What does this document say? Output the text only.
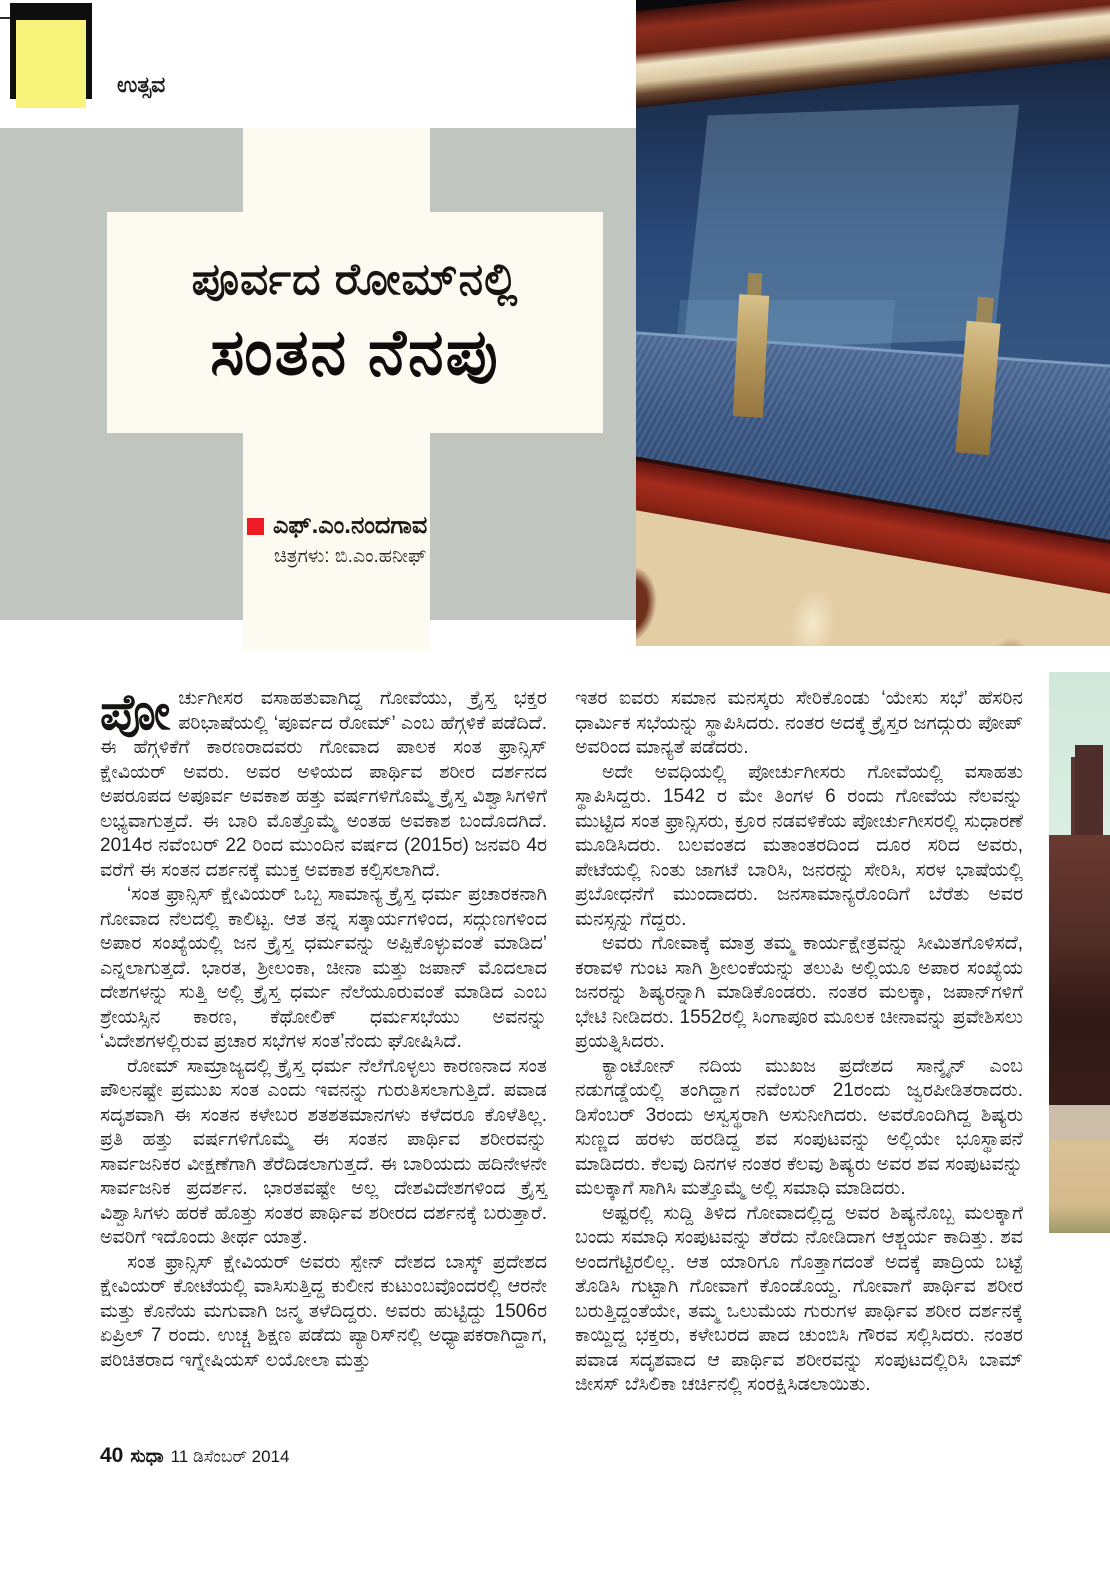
ಉತ್ಸವ
ಪೂರ್ವದ ರೋಮ್‌ನಲ್ಲಿ
ಸಂತನ ನೆನಪು
ಎಫ್.ಎಂ.ನಂದಗಾವ
ಚಿತ್ರಗಳು: ಬಿ.ಎಂ.ಹನೀಫ್

ಪೋರ್ಚುಗೀಸರ ವಸಾಹತುವಾಗಿದ್ದ ಗೋವೆಯು, ಕ್ರೈಸ್ತ ಭಕ್ತರ ಪರಿಭಾಷೆಯಲ್ಲಿ ‘ಪೂರ್ವದ ರೋಮ್’ ಎಂಬ ಹೆಗ್ಗಳಿಕೆ ಪಡೆದಿದೆ. ಈ ಹೆಗ್ಗಳಿಕೆಗೆ ಕಾರಣರಾದವರು ಗೋವಾದ ಪಾಲಕ ಸಂತ ಫ್ರಾನ್ಸಿಸ್ ಕ್ಷೇವಿಯರ್ ಅವರು. ಅವರ ಅಳಿಯದ ಪಾರ್ಥಿವ ಶರೀರ ದರ್ಶನದ ಅಪರೂಪದ ಅಪೂರ್ವ ಅವಕಾಶ ಹತ್ತು ವರ್ಷಗಳಿಗೊಮ್ಮೆ ಕ್ರೈಸ್ತ ವಿಶ್ವಾಸಿಗಳಿಗೆ ಲಭ್ಯವಾಗುತ್ತದೆ. ಈ ಬಾರಿ ಮೊತ್ತೊಮ್ಮೆ ಅಂತಹ ಅವಕಾಶ ಬಂದೊದಗಿದೆ. 2014ರ ನವೆಂಬರ್ 22 ರಿಂದ ಮುಂದಿನ ವರ್ಷದ (2015ರ) ಜನವರಿ 4ರ ವರೆಗೆ ಈ ಸಂತನ ದರ್ಶನಕ್ಕೆ ಮುಕ್ತ ಅವಕಾಶ ಕಲ್ಪಿಸಲಾಗಿದೆ.

‘ಸಂತ ಫ್ರಾನ್ಸಿಸ್ ಕ್ಷೇವಿಯರ್ ಒಬ್ಬ ಸಾಮಾನ್ಯ ಕ್ರೈಸ್ತ ಧರ್ಮ ಪ್ರಚಾರಕನಾಗಿ ಗೋವಾದ ನೆಲದಲ್ಲಿ ಕಾಲಿಟ್ಟ. ಆತ ತನ್ನ ಸತ್ಕಾರ್ಯಗಳಿಂದ, ಸದ್ಗುಣಗಳಿಂದ ಅಪಾರ ಸಂಖ್ಯೆಯಲ್ಲಿ ಜನ ಕ್ರೈಸ್ತ ಧರ್ಮವನ್ನು ಅಪ್ಪಿಕೊಳ್ಳುವಂತೆ ಮಾಡಿದ’ ಎನ್ನಲಾಗುತ್ತದೆ. ಭಾರತ, ಶ್ರೀಲಂಕಾ, ಚೀನಾ ಮತ್ತು ಜಪಾನ್ ಮೊದಲಾದ ದೇಶಗಳನ್ನು ಸುತ್ತಿ ಅಲ್ಲಿ ಕ್ರೈಸ್ತ ಧರ್ಮ ನೆಲೆಯೂರುವಂತೆ ಮಾಡಿದ ಎಂಬ ಶ್ರೇಯಸ್ಸಿನ ಕಾರಣ, ಕೆಥೋಲಿಕ್ ಧರ್ಮಸಭೆಯು ಅವನನ್ನು ‘ವಿದೇಶಗಳಲ್ಲಿರುವ ಪ್ರಚಾರ ಸಭೆಗಳ ಸಂತ’ನೆಂದು ಘೋಷಿಸಿದೆ.

ರೋಮ್ ಸಾಮ್ರಾಜ್ಯದಲ್ಲಿ ಕ್ರೈಸ್ತ ಧರ್ಮ ನೆಲೆಗೊಳ್ಳಲು ಕಾರಣನಾದ ಸಂತ ಪೌಲನಷ್ಟೇ ಪ್ರಮುಖ ಸಂತ ಎಂದು ಇವನನ್ನು ಗುರುತಿಸಲಾಗುತ್ತಿದೆ. ಪವಾಡ ಸದೃಶವಾಗಿ ಈ ಸಂತನ ಕಳೇಬರ ಶತಶತಮಾನಗಳು ಕಳೆದರೂ ಕೊಳೆತಿಲ್ಲ. ಪ್ರತಿ ಹತ್ತು ವರ್ಷಗಳಿಗೊಮ್ಮೆ ಈ ಸಂತನ ಪಾರ್ಥಿವ ಶರೀರವನ್ನು ಸಾರ್ವಜನಿಕರ ವೀಕ್ಷಣೆಗಾಗಿ ತೆರೆದಿಡಲಾಗುತ್ತದೆ. ಈ ಬಾರಿಯದು ಹದಿನೇಳನೇ ಸಾರ್ವಜನಿಕ ಪ್ರದರ್ಶನ. ಭಾರತವಷ್ಟೇ ಅಲ್ಲ ದೇಶವಿದೇಶಗಳಿಂದ ಕ್ರೈಸ್ತ ವಿಶ್ವಾಸಿಗಳು ಹರಕೆ ಹೊತ್ತು ಸಂತರ ಪಾರ್ಥಿವ ಶರೀರದ ದರ್ಶನಕ್ಕೆ ಬರುತ್ತಾರೆ. ಅವರಿಗೆ ಇದೊಂದು ತೀರ್ಥ ಯಾತ್ರೆ.

ಸಂತ ಫ್ರಾನ್ಸಿಸ್ ಕ್ಷೇವಿಯರ್ ಅವರು ಸ್ಪೇನ್ ದೇಶದ ಬಾಸ್ಕ್ ಪ್ರದೇಶದ ಕ್ಷೇವಿಯರ್ ಕೋಟೆಯಲ್ಲಿ ವಾಸಿಸುತ್ತಿದ್ದ ಕುಲೀನ ಕುಟುಂಬವೊಂದರಲ್ಲಿ ಆರನೇ ಮತ್ತು ಕೊನೆಯ ಮಗುವಾಗಿ ಜನ್ಮ ತಳೆದಿದ್ದರು. ಅವರು ಹುಟ್ಟಿದ್ದು 1506ರ ಏಪ್ರಿಲ್ 7 ರಂದು. ಉಚ್ಚ ಶಿಕ್ಷಣ ಪಡೆದು ಪ್ಯಾರಿಸ್‌ನಲ್ಲಿ ಅಧ್ಯಾಪಕರಾಗಿದ್ದಾಗ, ಪರಿಚಿತರಾದ ಇಗ್ನೇಷಿಯಸ್ ಲಯೋಲಾ ಮತ್ತು

ಇತರ ಐವರು ಸಮಾನ ಮನಸ್ಕರು ಸೇರಿಕೊಂಡು ‘ಯೇಸು ಸಭೆ’ ಹೆಸರಿನ ಧಾರ್ಮಿಕ ಸಭೆಯನ್ನು ಸ್ಥಾಪಿಸಿದರು. ನಂತರ ಅದಕ್ಕೆ ಕ್ರೈಸ್ತರ ಜಗದ್ಗುರು ಪೋಪ್ ಅವರಿಂದ ಮಾನ್ಯತೆ ಪಡೆದರು.

ಅದೇ ಅವಧಿಯಲ್ಲಿ ಪೋರ್ಚುಗೀಸರು ಗೋವೆಯಲ್ಲಿ ವಸಾಹತು ಸ್ಥಾಪಿಸಿದ್ದರು. 1542 ರ ಮೇ ತಿಂಗಳ 6 ರಂದು ಗೋವೆಯ ನೆಲವನ್ನು ಮುಟ್ಟಿದ ಸಂತ ಫ್ರಾನ್ಸಿಸರು, ಕ್ರೂರ ನಡವಳಿಕೆಯ ಪೋರ್ಚುಗೀಸರಲ್ಲಿ ಸುಧಾರಣೆ ಮೂಡಿಸಿದರು. ಬಲವಂತದ ಮತಾಂತರದಿಂದ ದೂರ ಸರಿದ ಅವರು, ಪೇಟೆಯಲ್ಲಿ ನಿಂತು ಜಾಗಟೆ ಬಾರಿಸಿ, ಜನರನ್ನು ಸೇರಿಸಿ, ಸರಳ ಭಾಷೆಯಲ್ಲಿ ಪ್ರಬೋಧನೆಗೆ ಮುಂದಾದರು. ಜನಸಾಮಾನ್ಯರೊಂದಿಗೆ ಬೆರೆತು ಅವರ ಮನಸ್ಸನ್ನು ಗೆದ್ದರು.

ಅವರು ಗೋವಾಕ್ಕೆ ಮಾತ್ರ ತಮ್ಮ ಕಾರ್ಯಕ್ಷೇತ್ರವನ್ನು ಸೀಮಿತಗೊಳಿಸದೆ, ಕರಾವಳಿ ಗುಂಟ ಸಾಗಿ ಶ್ರೀಲಂಕೆಯನ್ನು ತಲುಪಿ ಅಲ್ಲಿಯೂ ಅಪಾರ ಸಂಖ್ಯೆಯ ಜನರನ್ನು ಶಿಷ್ಯರನ್ನಾಗಿ ಮಾಡಿಕೊಂಡರು. ನಂತರ ಮಲಕ್ಕಾ, ಜಪಾನ್‌ಗಳಿಗೆ ಭೇಟಿ ನೀಡಿದರು. 1552ರಲ್ಲಿ ಸಿಂಗಾಪೂರ ಮೂಲಕ ಚೀನಾವನ್ನು ಪ್ರವೇಶಿಸಲು ಪ್ರಯತ್ನಿಸಿದರು.

ಕ್ಯಾಂಟೋನ್ ನದಿಯ ಮುಖಜ ಪ್ರದೇಶದ ಸಾನ್ಶೈನ್ ಎಂಬ ನಡುಗಡ್ಡೆಯಲ್ಲಿ ತಂಗಿದ್ದಾಗ ನವೆಂಬರ್ 21ರಂದು ಜ್ವರಪೀಡಿತರಾದರು. ಡಿಸೆಂಬರ್ 3ರಂದು ಅಸ್ವಸ್ಥರಾಗಿ ಅಸುನೀಗಿದರು. ಅವರೊಂದಿಗಿದ್ದ ಶಿಷ್ಯರು ಸುಣ್ಣದ ಹರಳು ಹರಡಿದ್ದ ಶವ ಸಂಪುಟವನ್ನು ಅಲ್ಲಿಯೇ ಭೂಸ್ಥಾಪನೆ ಮಾಡಿದರು. ಕೆಲವು ದಿನಗಳ ನಂತರ ಕೆಲವು ಶಿಷ್ಯರು ಅವರ ಶವ ಸಂಪುಟವನ್ನು ಮಲಕ್ಕಾಗೆ ಸಾಗಿಸಿ ಮತ್ತೊಮ್ಮೆ ಅಲ್ಲಿ ಸಮಾಧಿ ಮಾಡಿದರು.

ಅಷ್ಟರಲ್ಲಿ ಸುದ್ದಿ ತಿಳಿದ ಗೋವಾದಲ್ಲಿದ್ದ ಅವರ ಶಿಷ್ಯನೊಬ್ಬ ಮಲಕ್ಕಾಗೆ ಬಂದು ಸಮಾಧಿ ಸಂಪುಟವನ್ನು ತೆರೆದು ನೋಡಿದಾಗ ಆಶ್ಚರ್ಯ ಕಾದಿತ್ತು. ಶವ ಅಂದಗೆಟ್ಟಿರಲಿಲ್ಲ. ಆತ ಯಾರಿಗೂ ಗೊತ್ತಾಗದಂತೆ ಅದಕ್ಕೆ ಪಾದ್ರಿಯ ಬಟ್ಟೆ ತೊಡಿಸಿ ಗುಟ್ಟಾಗಿ ಗೋವಾಗೆ ಕೊಂಡೊಯ್ದ. ಗೋವಾಗೆ ಪಾರ್ಥಿವ ಶರೀರ ಬರುತ್ತಿದ್ದಂತೆಯೇ, ತಮ್ಮ ಒಲುಮೆಯ ಗುರುಗಳ ಪಾರ್ಥಿವ ಶರೀರ ದರ್ಶನಕ್ಕೆ ಕಾಯ್ದಿದ್ದ ಭಕ್ತರು, ಕಳೇಬರದ ಪಾದ ಚುಂಬಿಸಿ ಗೌರವ ಸಲ್ಲಿಸಿದರು. ನಂತರ ಪವಾಡ ಸದೃಶವಾದ ಆ ಪಾರ್ಥಿವ ಶರೀರವನ್ನು ಸಂಪುಟದಲ್ಲಿರಿಸಿ ಬಾಮ್ ಜೀಸಸ್ ಬೆಸಿಲಿಕಾ ಚರ್ಚಿನಲ್ಲಿ ಸಂರಕ್ಷಿಸಿಡಲಾಯಿತು.

40 ಸುಧಾ 11 ಡಿಸೆಂಬರ್ 2014
